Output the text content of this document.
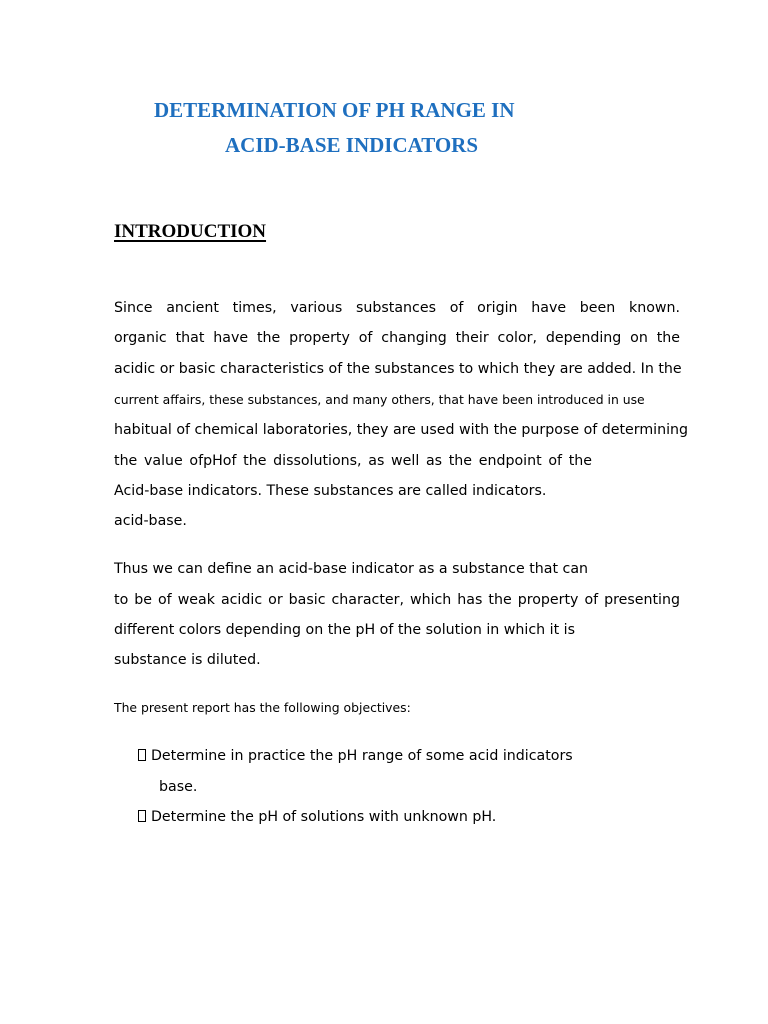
DETERMINATION OF PH RANGE IN
ACID-BASE INDICATORS
INTRODUCTION

Since ancient times, various substances of origin have been known.

organic that have the property of changing their color, depending on the

acidic or basic characteristics of the substances to which they are added. In the

current affairs, these substances, and many others, that have been introduced in use

habitual of chemical laboratories, they are used with the purpose of determining

the value ofpHof the dissolutions, as well as the endpoint of the

Acid-base indicators. These substances are called indicators.

acid-base.

Thus we can define an acid-base indicator as a substance that can

to be of weak acidic or basic character, which has the property of presenting

different colors depending on the pH of the solution in which it is

substance is diluted.

The present report has the following objectives:

Determine in practice the pH range of some acid indicators
base.
Determine the pH of solutions with unknown pH.
